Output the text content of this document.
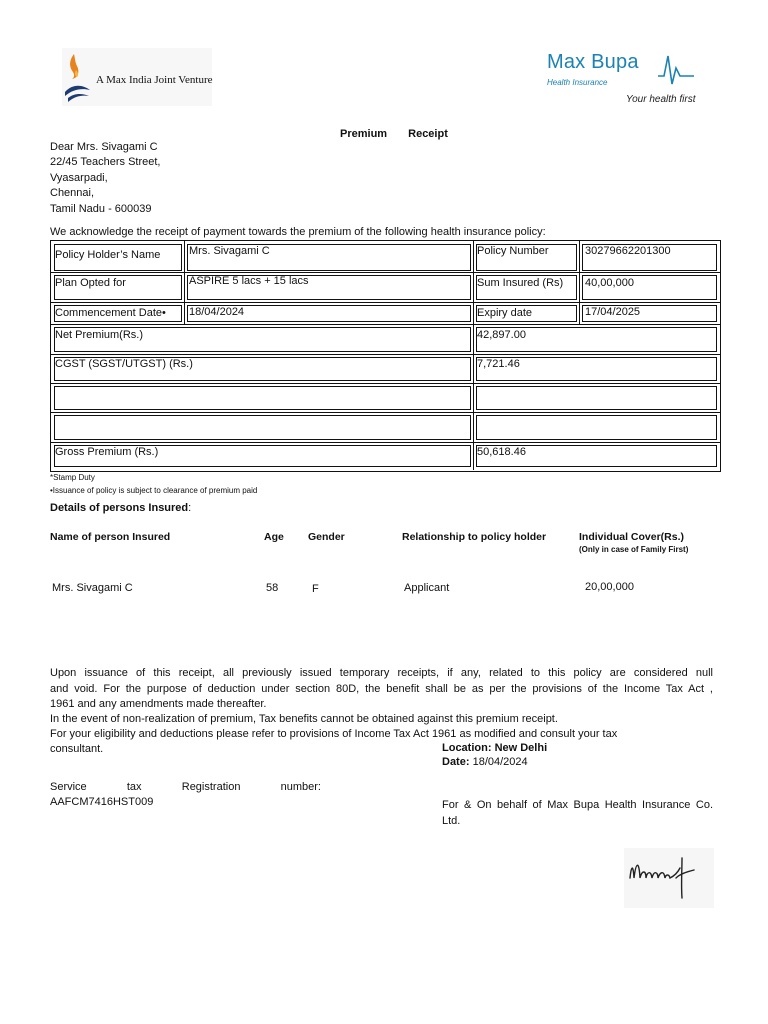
A Max India Joint Venture
Max Bupa
Health Insurance
Your health first
Premium Receipt
Dear Mrs. Sivagami C
22/45 Teachers Street,
Vyasarpadi,
Chennai,
Tamil Nadu - 600039
We acknowledge the receipt of payment towards the premium of the following health insurance policy:
Policy Holder’s Name	Mrs. Sivagami C	Policy Number	30279662201300
Plan Opted for	ASPIRE 5 lacs + 15 lacs	Sum Insured (Rs) 40,00,000
Commencement Date• 18/04/2024	Expiry date	17/04/2025
Net Premium(Rs.)	42,897.00
CGST (SGST/UTGST) (Rs.)	7,721.46
Gross Premium (Rs.)	50,618.46
*Stamp Duty
•Issuance of policy is subject to clearance of premium paid
Details of persons Insured:
Name of person Insured	Age Gender	Relationship to policy holder	Individual Cover(Rs.)
(Only in case of Family First)
Mrs. Sivagami C	58	F	Applicant	20,00,000
Upon issuance of this receipt, all previously issued temporary receipts, if any, related to this policy are considered null
and void. For the purpose of deduction under section 80D, the benefit shall be as per the provisions of the Income Tax Act ,
1961 and any amendments made thereafter.
In the event of non-realization of premium, Tax benefits cannot be obtained against this premium receipt.
For your eligibility and deductions please refer to provisions of Income Tax Act 1961 as modified and consult your tax
consultant.	Location: New Delhi
Date: 18/04/2024
Service tax Registration number:
AAFCM7416HST009	For & On behalf of Max Bupa Health Insurance Co.
Ltd.
